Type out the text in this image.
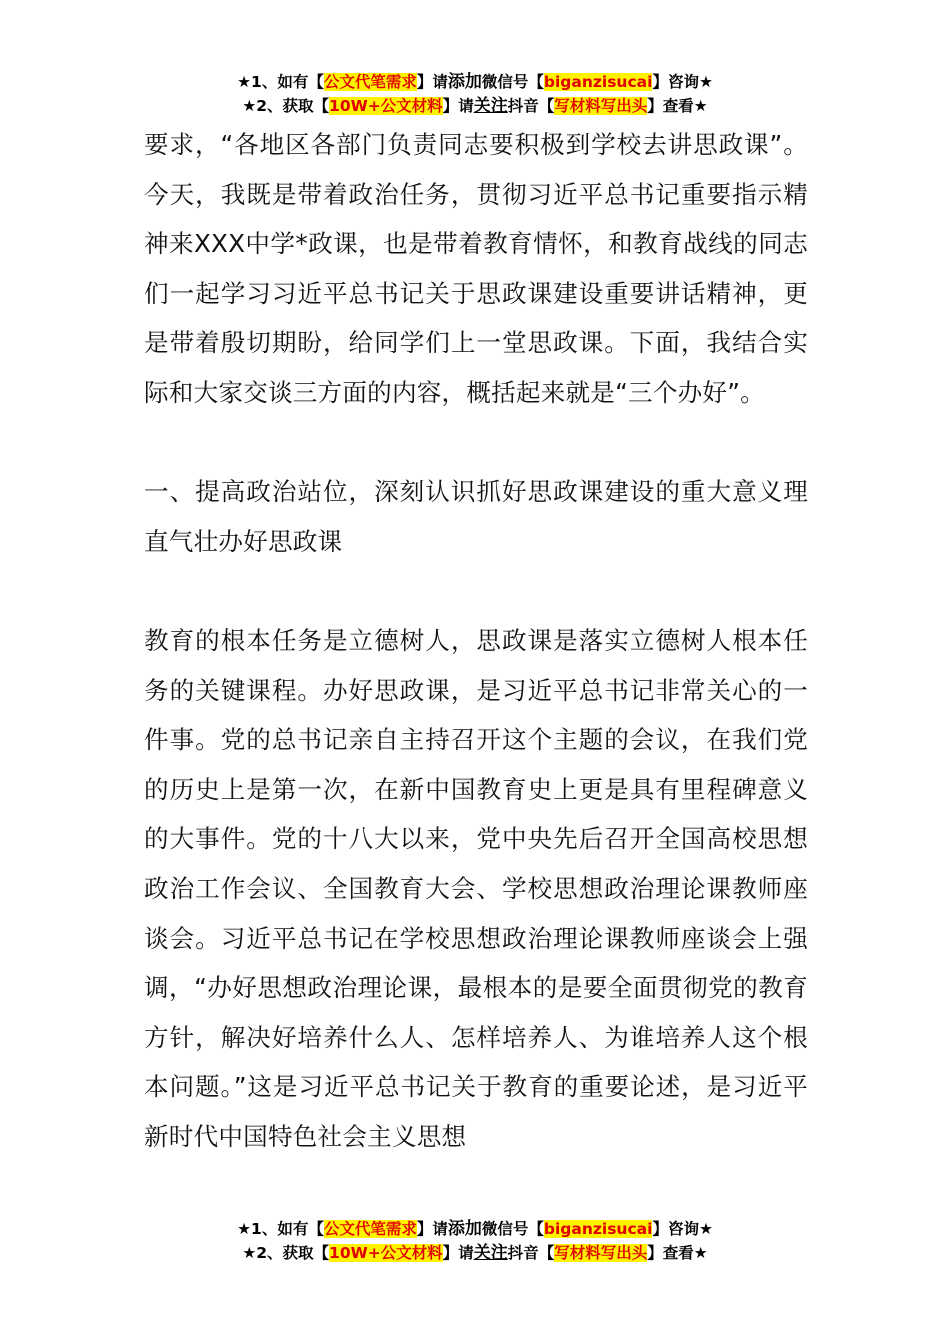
★1、如有【公文代笔需求】请添加微信号【biganzisucai】咨询★
★2、获取【10W+公文材料】请关注抖音【写材料写出头】查看★

要求，“各地区各部门负责同志要积极到学校去讲思政课”。今天，我既是带着政治任务，贯彻习近平总书记重要指示精神来XXX中学*政课，也是带着教育情怀，和教育战线的同志们一起学习习近平总书记关于思政课建设重要讲话精神，更是带着殷切期盼，给同学们上一堂思政课。下面，我结合实际和大家交谈三方面的内容，概括起来就是“三个办好”。

一、提高政治站位，深刻认识抓好思政课建设的重大意义理直气壮办好思政课

教育的根本任务是立德树人，思政课是落实立德树人根本任务的关键课程。办好思政课，是习近平总书记非常关心的一件事。党的总书记亲自主持召开这个主题的会议，在我们党的历史上是第一次，在新中国教育史上更是具有里程碑意义的大事件。党的十八大以来，党中央先后召开全国高校思想政治工作会议、全国教育大会、学校思想政治理论课教师座谈会。习近平总书记在学校思想政治理论课教师座谈会上强调，“办好思想政治理论课，最根本的是要全面贯彻党的教育方针，解决好培养什么人、怎样培养人、为谁培养人这个根本问题。”这是习近平总书记关于教育的重要论述，是习近平新时代中国特色社会主义思想

★1、如有【公文代笔需求】请添加微信号【biganzisucai】咨询★
★2、获取【10W+公文材料】请关注抖音【写材料写出头】查看★
